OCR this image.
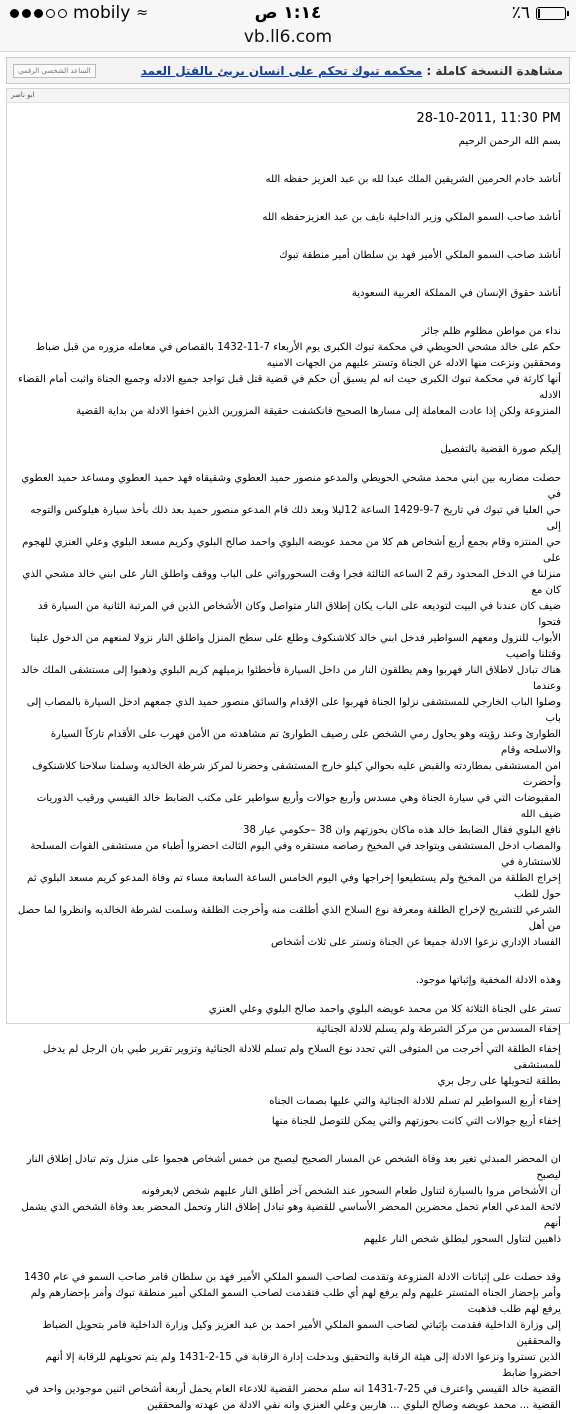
mobily ≈	١:١٤ ص	٪٦
vb.ll6.com
الساعد الشخصي الرقمي	مشاهدة النسخة كاملة : محكمه تبوك تحكم على انسان بريئ بالقتل العمد
ابو ناصر
28-10-2011, 11:30 PM

بسم الله الرحمن الرحيم

أناشد خادم الحرمين الشريفين الملك عبدا لله بن عبد العزيز حفظه الله

أناشد صاحب السمو الملكي وزير الداخلية نايف بن عبد العزيزحفظه الله

أناشد صاحب السمو الملكي الأمير فهد بن سلطان أمير منطقة تبوك

أناشد حقوق الإنسان في المملكة العربية السعودية

نداء من مواطن مظلوم ظلم جائر
حكم على خالد مشحي الحويطي في محكمة تبوك الكبرى يوم الأربعاء 7-11-1432 بالقصاص في معامله مزوره من قبل ضباط
ومحققين ونزعت منها الادله عن الجناة وتستر عليهم من الجهات الامنيه
أنها كارثة في محكمة تبوك الكبرى حيث انه لم يسبق أن حكم في قضية قتل قبل تواجد جميع الادله وجميع الجناة واثبت أمام القضاء الادله
المنزوعة ولكن إذا عادت المعاملة إلى مسارها الصحيح فانكشفت حقيقة المزورين الذين اخفوا الادلة من بداية القضية

إليكم صورة القضية بالتفصيل

حصلت مضاربه بين ابني محمد مشحي الحويطي والمدعو منصور حميد العطوي وشقيقاه فهد حميد العطوي ومساعد حميد العطوي في
حي العليا في تبوك في تاريخ 7-9-1429 الساعة 12ليلا وبعد ذلك قام المدعو منصور حميد بعد ذلك بأخذ سيارة هيلوكس والتوجه إلى
حي المنتزه وقام بجمع أربع أشخاص هم كلا من محمد عويضه البلوي واحمد صالح البلوي وكريم مسعد البلوي وعلي العنزي للهجوم على
منزلنا في الدخل المحدود رقم 2 الساعه الثالثة فجرا وقت السحورواتي على الباب ووقف واطلق النار على ابني خالد مشحي الذي كان مع
ضيف كان عندنا في البيت لتوديعه على الباب يكان إطلاق النار متواصل وكان الأشخاص الذين في المرتبة الثانية من السيارة قد فتحوا
الأبواب للنزول ومعهم السواطير فدخل ابني خالد كلاشنكوف وطلع على سطح المنزل واطلق النار نزولا لمنعهم من الدخول علينا وقتلنا واصيب
هناك تبادل لاطلاق النار فهربوا وهم يطلقون النار من داخل السيارة فأخطئوا بزميلهم كريم البلوي وذهبوا إلى مستشفى الملك خالد وعندما
وصلوا الباب الخارجي للمستشفى نزلوا الجناة فهربوا على الإقدام والسائق منصور حميد الذي جمعهم ادخل السيارة بالمصاب إلى باب
الطوارئ وعند رؤيته وهو يحاول رمي الشخص على رصيف الطوارئ تم مشاهدته من الأمن فهرب على الأقدام تاركاً السيارة والاسلحه وقام
امن المستشفى بمطاردته والقبض عليه بحوالي كيلو خارج المستشفى وحضرنا لمركز شرطة الخالديه وسلمنا سلاحنا كلاشنكوف وأحضرت
المقبوضات التي في سيارة الجناة وهي مسدس وأربع جوالات وأربع سواطير على مكتب الضابط خالد القيسي ورقيب الدوريات ضيف الله
نافع البلوي فقال الضابط خالد هذه ماكان بحوزتهم وان 38 –حكومي عيار 38
والمصاب ادخل المستشفى ويتواجد في المخيخ رصاصه مستقره وفي اليوم الثالث احضروا أطباء من مستشفى القوات المسلحة للاستشارة في
إخراج الطلقة من المخيخ ولم يستطيعوا إخراجها وفي اليوم الخامس الساعة السابعة مساء تم وفاة المدعو كريم مسعد البلوي ثم حول للطب
الشرعي للتشريح لإخراج الطلقة ومعرفة نوع السلاح الذي أطلقت منه وأخرجت الطلقة وسلمت لشرطة الخالديه وانظروا لما حصل من أهل
الفساد الإداري نزعوا الادلة جميعا عن الجناة وتستر على ثلاث أشخاص

وهذه الادلة المخفية وإثباتها موجود.

تستر على الجناة الثلاثة كلا من محمد عويضه البلوي واحمد صالح البلوي وعلي العنزي
إخفاء المسدس من مركز الشرطة ولم يسلم للادلة الجنائية
إخفاء الطلقة التي أخرجت من المتوفى التي تحدد نوع السلاح ولم تسلم للادلة الجنائية وتزوير تقرير طبي بان الرجل لم يدخل للمستشفى
بطلقة لتحويلها على رجل بري
إخفاء أربع السواطير لم تسلم للادلة الجنائية والتي عليها بصمات الجناه
إخفاء أربع جوالات التي كانت بحوزتهم والتي يمكن للتوصل للجناة منها
ان المحضر المبدئي تغير بعد وفاة الشخص عن المسار الصحيح ليصبح من خمس أشخاص هجموا على منزل وتم تبادل إطلاق النار ليصبح
أن الأشخاص مروا بالسيارة لتناول طعام السحور عند الشخص آخر أطلق النار عليهم شخص لايعرفونه
لاثحة المدعي العام تحمل محضرين المحضر الأساسي للقضية وهو تبادل إطلاق النار وتحمل المحضر بعد وفاة الشخص الذي يشمل أنهم
ذاهبين لتناول السحور ليطلق شخص النار عليهم
وقد حصلت على إثباتات الادلة المنزوعة وتقدمت لصاحب السمو الملكي الأمير فهد بن سلطان قامر صاحب السمو في عام 1430
وأمر بإحضار الجناه المتستر عليهم ولم يرفع لهم أي طلب فتقدمت لصاحب السمو الملكي أمير منطقة تبوك وأمر بإحضارهم ولم يرفع لهم طلب فذهبت
إلى وزارة الداخلية فقدمت بإثباتي لصاحب السمو الملكي الأمير احمد بن عبد العزيز وكيل وزارة الداخلية فامر بتحويل الضباط والمحققين
الذين تستروا ونزعوا الادلة إلى هيئة الرقابة والتحقيق وبدخلت إدارة الرقابة في 15-2-1431 ولم يتم تحويلهم للرقابة إلا أنهم احضروا ضابط
القضية خالد القيسي واعترف في 25-7-1431 انه سلم محضر القضية للادعاء العام يحمل أربعة أشخاص اثنين موجودين واحد في
القضية ... محمد عويضه وصالح البلوي ... هاربين وعلي العنزي وانه نفي الادلة من عهدته والمحققين
